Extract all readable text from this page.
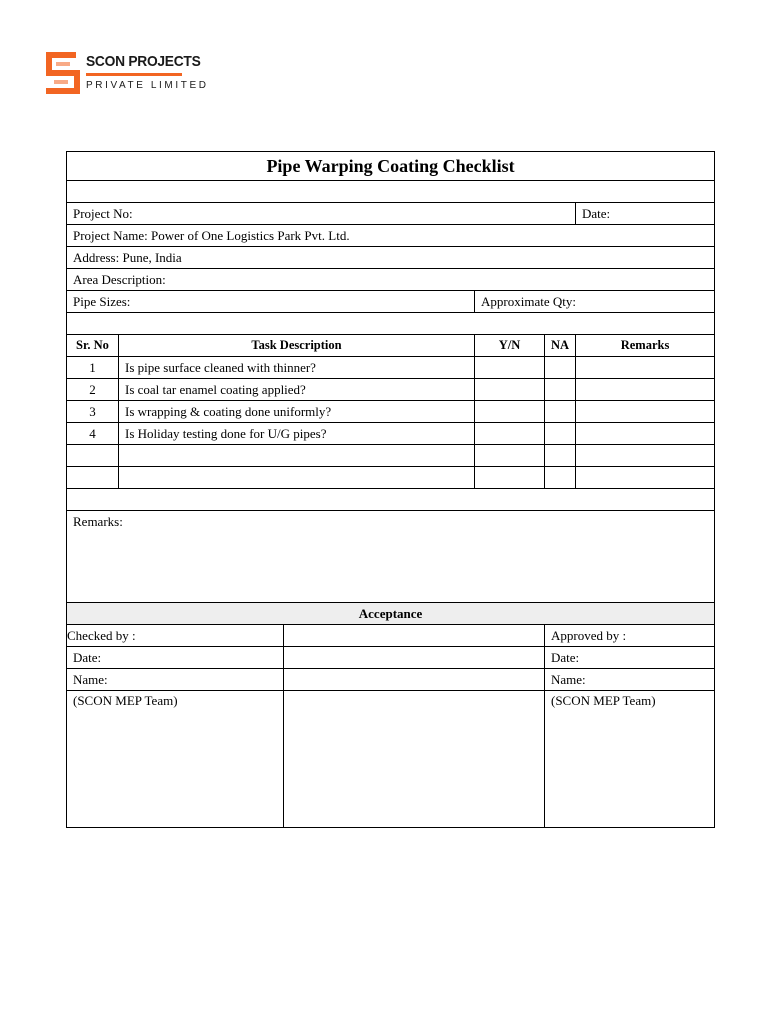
SCON PROJECTS
PRIVATE LIMITED
Pipe Warping Coating Checklist					

Project No:					Date:
Project Name: Power of One Logistics Park Pvt. Ltd.					
Address: Pune, India					
Area Description:					
Pipe Sizes:			Approximate Qty:		

Sr. No	Task Description		Y/N	NA	Remarks
1	Is pipe surface cleaned with thinner?				
2	Is coal tar enamel coating applied?				
3	Is wrapping & coating done uniformly?				
4	Is Holiday testing done for U/G pipes?				

Remarks:					
Acceptance					
Checked by :				Approved by :	
Date:				Date:	
Name:				Name:	
(SCON MEP Team)				(SCON MEP Team)	
